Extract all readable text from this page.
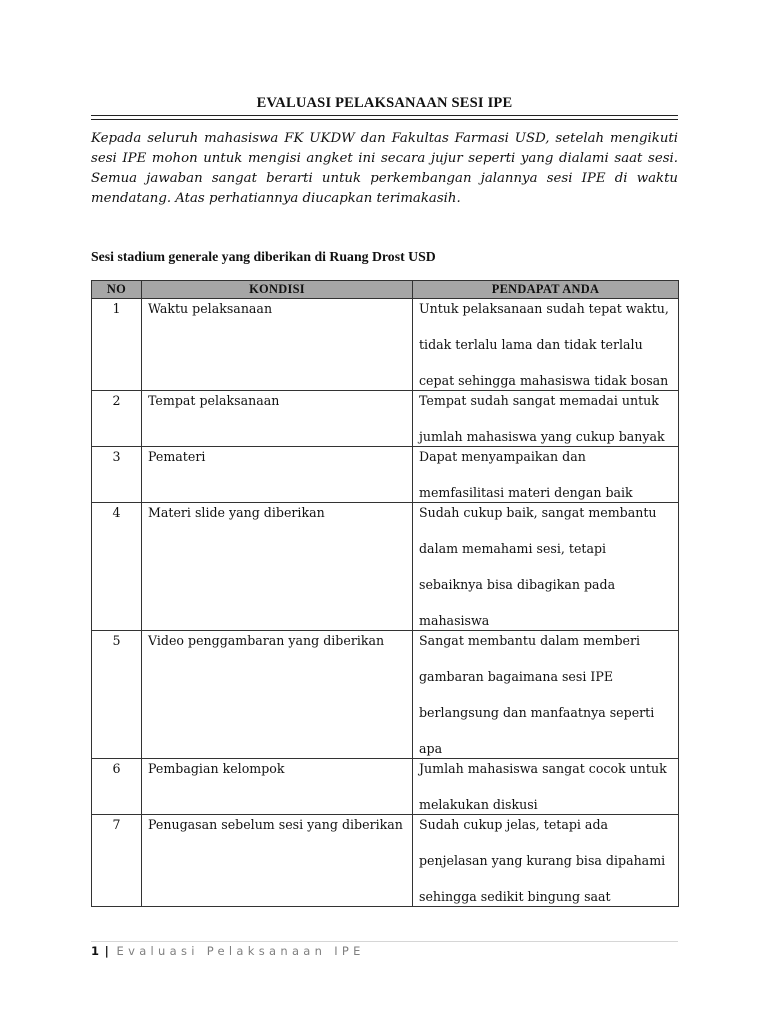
EVALUASI PELAKSANAAN SESI IPE
Kepada seluruh mahasiswa FK UKDW dan Fakultas Farmasi USD, setelah mengikuti sesi IPE mohon untuk mengisi angket ini secara jujur seperti yang dialami saat sesi. Semua jawaban sangat berarti untuk perkembangan jalannya sesi IPE di waktu mendatang. Atas perhatiannya diucapkan terimakasih.
Sesi stadium generale yang diberikan di Ruang Drost USD
NO	KONDISI	PENDAPAT ANDA
1	Waktu pelaksanaan	Untuk pelaksanaan sudah tepat waktu,
tidak terlalu lama dan tidak terlalu
cepat sehingga mahasiswa tidak bosan

2	Tempat pelaksanaan	Tempat sudah sangat memadai untuk
jumlah mahasiswa yang cukup banyak

3	Pemateri	Dapat menyampaikan dan
memfasilitasi materi dengan baik

4	Materi slide yang diberikan	Sudah cukup baik, sangat membantu
dalam memahami sesi, tetapi
sebaiknya bisa dibagikan pada
mahasiswa

5	Video penggambaran yang diberikan	Sangat membantu dalam memberi
gambaran bagaimana sesi IPE
berlangsung dan manfaatnya seperti
apa

6	Pembagian kelompok	Jumlah mahasiswa sangat cocok untuk
melakukan diskusi

7	Penugasan sebelum sesi yang diberikan	Sudah cukup jelas, tetapi ada
penjelasan yang kurang bisa dipahami
sehingga sedikit bingung saat
1 | Evaluasi Pelaksanaan IPE
